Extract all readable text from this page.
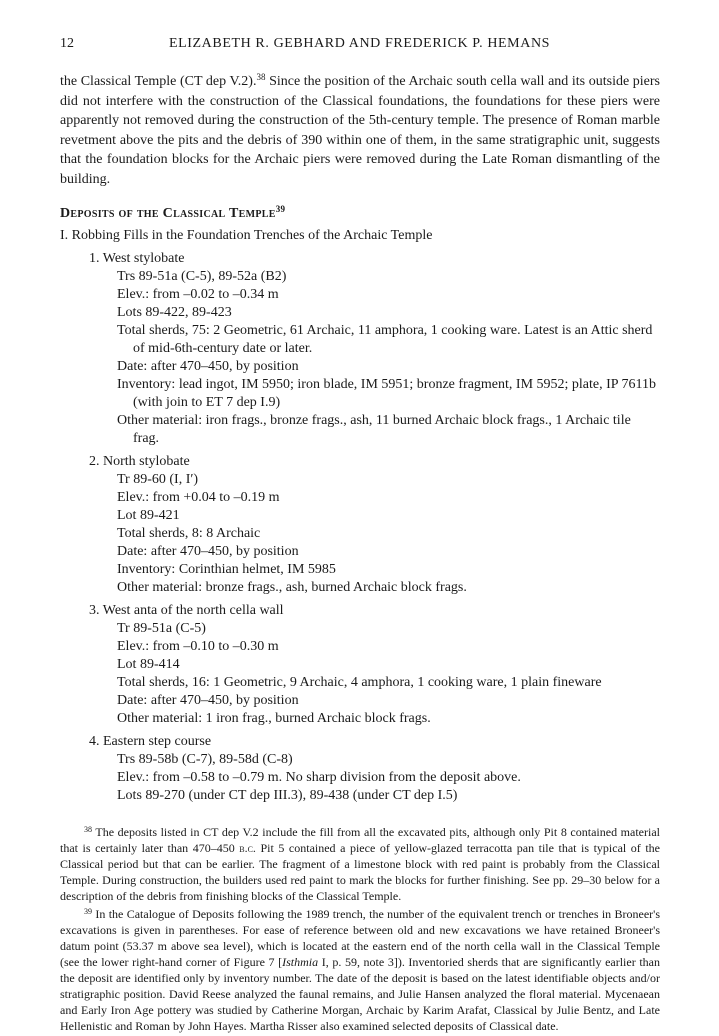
12	ELIZABETH R. GEBHARD AND FREDERICK P. HEMANS

the Classical Temple (CT dep V.2).$^{38}$ Since the position of the Archaic south cella wall and its outside piers did not interfere with the construction of the Classical foundations, the foundations for these piers were apparently not removed during the construction of the 5th-century temple. The presence of Roman marble revetment above the pits and the debris of 390 within one of them, in the same stratigraphic unit, suggests that the foundation blocks for the Archaic piers were removed during the Late Roman dismantling of the building.

Deposits of the Classical Temple$^{39}$
I. Robbing Fills in the Foundation Trenches of the Archaic Temple
1. West stylobate
Trs 89-51a (C-5), 89-52a (B2)
Elev.: from –0.02 to –0.34 m
Lots 89-422, 89-423
Total sherds, 75: 2 Geometric, 61 Archaic, 11 amphora, 1 cooking ware. Latest is an Attic sherd of mid-6th-century date or later.
Date: after 470–450, by position
Inventory: lead ingot, IM 5950; iron blade, IM 5951; bronze fragment, IM 5952; plate, IP 7611b (with join to ET 7 dep I.9)
Other material: iron frags., bronze frags., ash, 11 burned Archaic block frags., 1 Archaic tile frag.
2. North stylobate
Tr 89-60 (I, I′)
Elev.: from +0.04 to –0.19 m
Lot 89-421
Total sherds, 8: 8 Archaic
Date: after 470–450, by position
Inventory: Corinthian helmet, IM 5985
Other material: bronze frags., ash, burned Archaic block frags.
3. West anta of the north cella wall
Tr 89-51a (C-5)
Elev.: from –0.10 to –0.30 m
Lot 89-414
Total sherds, 16: 1 Geometric, 9 Archaic, 4 amphora, 1 cooking ware, 1 plain fineware
Date: after 470–450, by position
Other material: 1 iron frag., burned Archaic block frags.
4. Eastern step course
Trs 89-58b (C-7), 89-58d (C-8)
Elev.: from –0.58 to –0.79 m. No sharp division from the deposit above.
Lots 89-270 (under CT dep III.3), 89-438 (under CT dep I.5)

$^{38}$ The deposits listed in CT dep V.2 include the fill from all the excavated pits, although only Pit 8 contained material that is certainly later than 470–450 b.c. Pit 5 contained a piece of yellow-glazed terracotta pan tile that is typical of the Classical period but that can be earlier. The fragment of a limestone block with red paint is probably from the Classical Temple. During construction, the builders used red paint to mark the blocks for further finishing. See pp. 29–30 below for a description of the debris from finishing blocks of the Classical Temple.

$^{39}$ In the Catalogue of Deposits following the 1989 trench, the number of the equivalent trench or trenches in Broneer's excavations is given in parentheses. For ease of reference between old and new excavations we have retained Broneer's datum point (53.37 m above sea level), which is located at the eastern end of the north cella wall in the Classical Temple (see the lower right-hand corner of Figure 7 [Isthmia I, p. 59, note 3]). Inventoried sherds that are significantly earlier than the deposit are identified only by inventory number. The date of the deposit is based on the latest identifiable objects and/or stratigraphic position. David Reese analyzed the faunal remains, and Julie Hansen analyzed the floral material. Mycenaean and Early Iron Age pottery was studied by Catherine Morgan, Archaic by Karim Arafat, Classical by Julie Bentz, and Late Hellenistic and Roman by John Hayes. Martha Risser also examined selected deposits of Classical date.
